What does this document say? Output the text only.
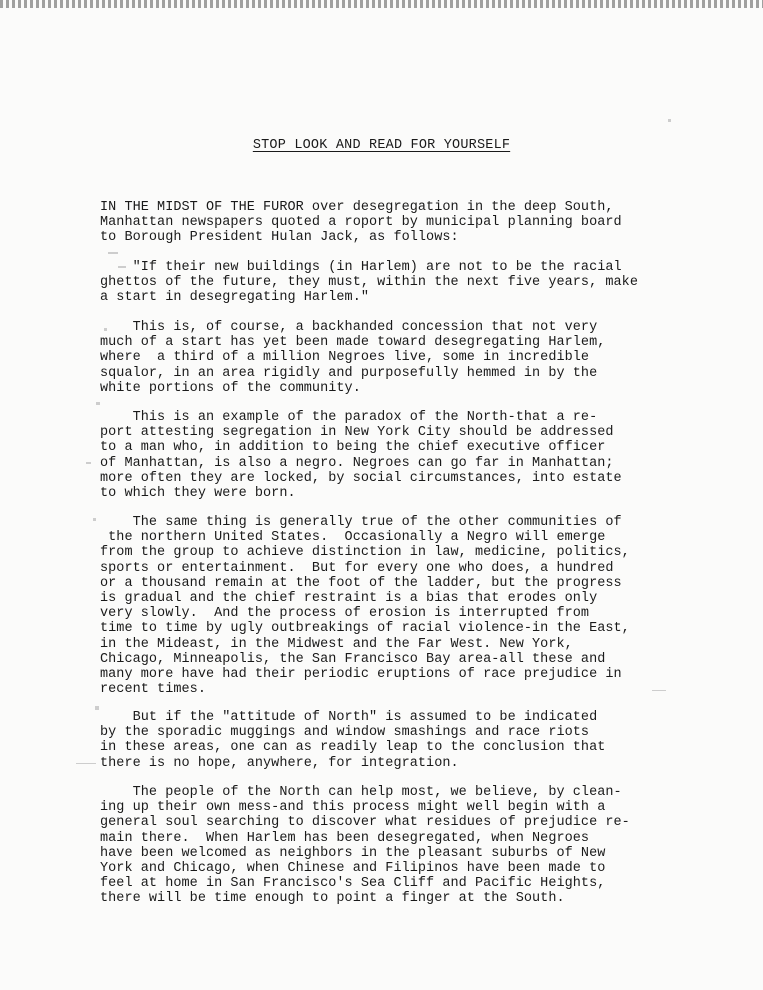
STOP LOOK AND READ FOR YOURSELF

IN THE MIDST OF THE FUROR over desegregation in the deep South,
Manhattan newspapers quoted a roport by municipal planning board
to Borough President Hulan Jack, as follows:

"If their new buildings (in Harlem) are not to be the racial
ghettos of the future, they must, within the next five years, make
a start in desegregating Harlem."

This is, of course, a backhanded concession that not very
much of a start has yet been made toward desegregating Harlem,
where  a third of a million Negroes live, some in incredible
squalor, in an area rigidly and purposefully hemmed in by the
white portions of the community.

This is an example of the paradox of the North-that a re-
port attesting segregation in New York City should be addressed
to a man who, in addition to being the chief executive officer
of Manhattan, is also a negro. Negroes can go far in Manhattan;
more often they are locked, by social circumstances, into estate
to which they were born.

The same thing is generally true of the other communities of
the northern United States.  Occasionally a Negro will emerge
from the group to achieve distinction in law, medicine, politics,
sports or entertainment.  But for every one who does, a hundred
or a thousand remain at the foot of the ladder, but the progress
is gradual and the chief restraint is a bias that erodes only
very slowly.  And the process of erosion is interrupted from
time to time by ugly outbreakings of racial violence-in the East,
in the Mideast, in the Midwest and the Far West. New York,
Chicago, Minneapolis, the San Francisco Bay area-all these and
many more have had their periodic eruptions of race prejudice in
recent times.

But if the "attitude of North" is assumed to be indicated
by the sporadic muggings and window smashings and race riots
in these areas, one can as readily leap to the conclusion that
there is no hope, anywhere, for integration.

The people of the North can help most, we believe, by clean-
ing up their own mess-and this process might well begin with a
general soul searching to discover what residues of prejudice re-
main there.  When Harlem has been desegregated, when Negroes
have been welcomed as neighbors in the pleasant suburbs of New
York and Chicago, when Chinese and Filipinos have been made to
feel at home in San Francisco's Sea Cliff and Pacific Heights,
there will be time enough to point a finger at the South.
